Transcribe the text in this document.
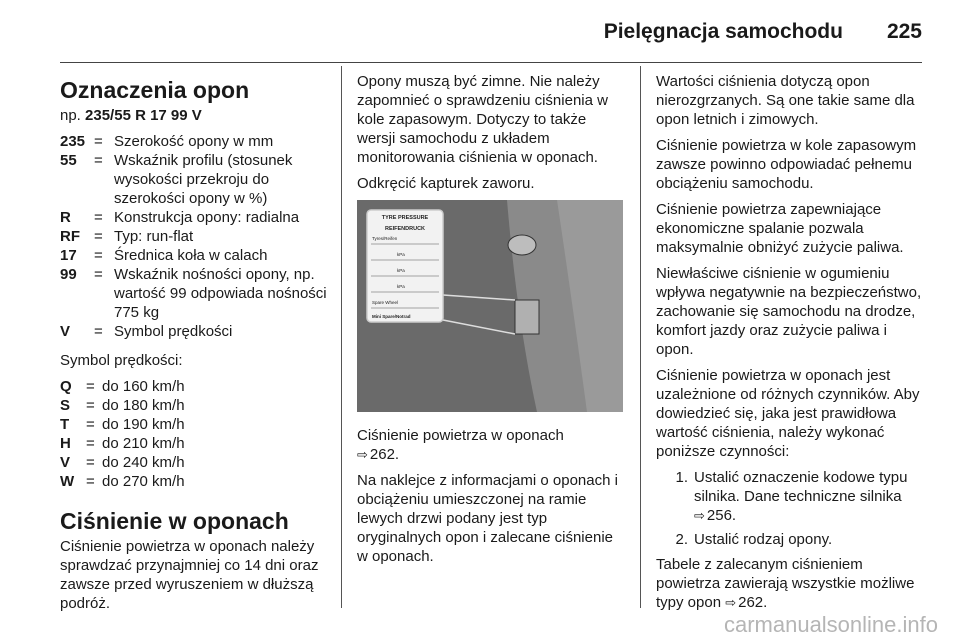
Pielęgnacja samochodu 225
Oznaczenia opon

np. 235/55 R 17 99 V

235 = Szerokość opony w mm
55	= Wskaźnik profilu (stosunek wysokości przekroju do szerokości opony w %)
R	= Konstrukcja opony: radialna
RF = Typ: run-flat
17	= Średnica koła w calach
99	= Wskaźnik nośności opony, np. wartość 99 odpowiada nośności 775 kg
V	= Symbol prędkości

Symbol prędkości:

Q = do 160 km/h
S	= do 180 km/h
T	= do 190 km/h
H	= do 210 km/h
V	= do 240 km/h
W = do 270 km/h
Ciśnienie w oponach

Ciśnienie powietrza w oponach należy sprawdzać przynajmniej co 14 dni oraz zawsze przed wyruszeniem w dłuższą podróż.

Opony muszą być zimne. Nie należy zapomnieć o sprawdzeniu ciśnienia w kole zapasowym. Dotyczy to także wersji samochodu z układem monitorowania ciśnienia w oponach.

Odkręcić kapturek zaworu.

TYRE PRESSURE
REIFENDRUCK
Tyres/Reifen
kPa
kPa
kPa
Spare Wheel
Mini Spare/Notrad

Ciśnienie powietrza w oponach
⇨ 262.

Na naklejce z informacjami o oponach i obciążeniu umieszczonej na ramie lewych drzwi podany jest typ oryginalnych opon i zalecane ciśnienie w oponach.

Wartości ciśnienia dotyczą opon nierozgrzanych. Są one takie same dla opon letnich i zimowych.

Ciśnienie powietrza w kole zapasowym zawsze powinno odpowiadać pełnemu obciążeniu samochodu.

Ciśnienie powietrza zapewniające ekonomiczne spalanie pozwala maksymalnie obniżyć zużycie paliwa.

Niewłaściwe ciśnienie w ogumieniu wpływa negatywnie na bezpieczeństwo, zachowanie się samochodu na drodze, komfort jazdy oraz zużycie paliwa i opon.

Ciśnienie powietrza w oponach jest uzależnione od różnych czynników. Aby dowiedzieć się, jaka jest prawidłowa wartość ciśnienia, należy wykonać poniższe czynności:

1. Ustalić oznaczenie kodowe typu silnika. Dane techniczne silnika
⇨ 256.
2. Ustalić rodzaj opony.

Tabele z zalecanym ciśnieniem powietrza zawierają wszystkie możliwe typy opon ⇨ 262.

carmanualsonline.info
